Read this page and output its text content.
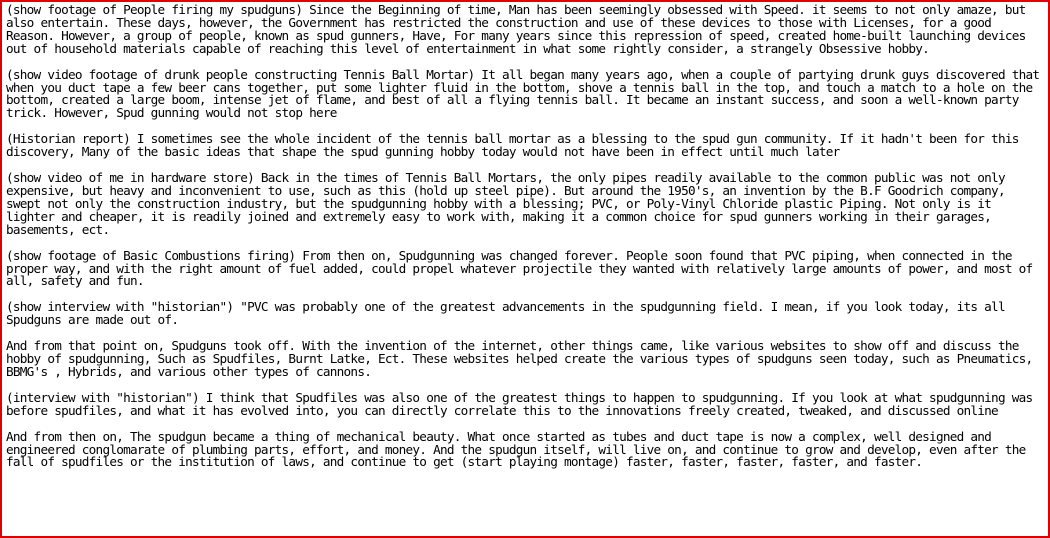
(show footage of People firing my spudguns) Since the Beginning of time, Man has been seemingly obsessed with Speed. it seems to not only amaze, but also entertain. These days, however, the Government has restricted the construction and use of these devices to those with Licenses, for a good Reason. However, a group of people, known as spud gunners, Have, For many years since this repression of speed, created home-built launching devices out of household materials capable of reaching this level of entertainment in what some rightly consider, a strangely Obsessive hobby.

(show video footage of drunk people constructing Tennis Ball Mortar) It all began many years ago, when a couple of partying drunk guys discovered that when you duct tape a few beer cans together, put some lighter fluid in the bottom, shove a tennis ball in the top, and touch a match to a hole on the bottom, created a large boom, intense jet of flame, and best of all a flying tennis ball. It became an instant success, and soon a well-known party trick. However, Spud gunning would not stop here

(Historian report) I sometimes see the whole incident of the tennis ball mortar as a blessing to the spud gun community. If it hadn't been for this discovery, Many of the basic ideas that shape the spud gunning hobby today would not have been in effect until much later

(show video of me in hardware store) Back in the times of Tennis Ball Mortars, the only pipes readily available to the common public was not only expensive, but heavy and inconvenient to use, such as this (hold up steel pipe). But around the 1950's, an invention by the B.F Goodrich company, swept not only the construction industry, but the spudgunning hobby with a blessing; PVC, or Poly-Vinyl Chloride plastic Piping. Not only is it lighter and cheaper, it is readily joined and extremely easy to work with, making it a common choice for spud gunners working in their garages, basements, ect.

(show footage of Basic Combustions firing) From then on, Spudgunning was changed forever. People soon found that PVC piping, when connected in the proper way, and with the right amount of fuel added, could propel whatever projectile they wanted with relatively large amounts of power, and most of all, safety and fun.

(show interview with "historian") "PVC was probably one of the greatest advancements in the spudgunning field. I mean, if you look today, its all Spudguns are made out of.

And from that point on, Spudguns took off. With the invention of the internet, other things came, like various websites to show off and discuss the hobby of spudgunning, Such as Spudfiles, Burnt Latke, Ect. These websites helped create the various types of spudguns seen today, such as Pneumatics, BBMG's , Hybrids, and various other types of cannons.

(interview with "historian") I think that Spudfiles was also one of the greatest things to happen to spudgunning. If you look at what spudgunning was before spudfiles, and what it has evolved into, you can directly correlate this to the innovations freely created, tweaked, and discussed online

And from then on, The spudgun became a thing of mechanical beauty. What once started as tubes and duct tape is now a complex, well designed and engineered conglomarate of plumbing parts, effort, and money. And the spudgun itself, will live on, and continue to grow and develop, even after the fall of spudfiles or the institution of laws, and continue to get (start playing montage) faster, faster, faster, faster, and faster.
